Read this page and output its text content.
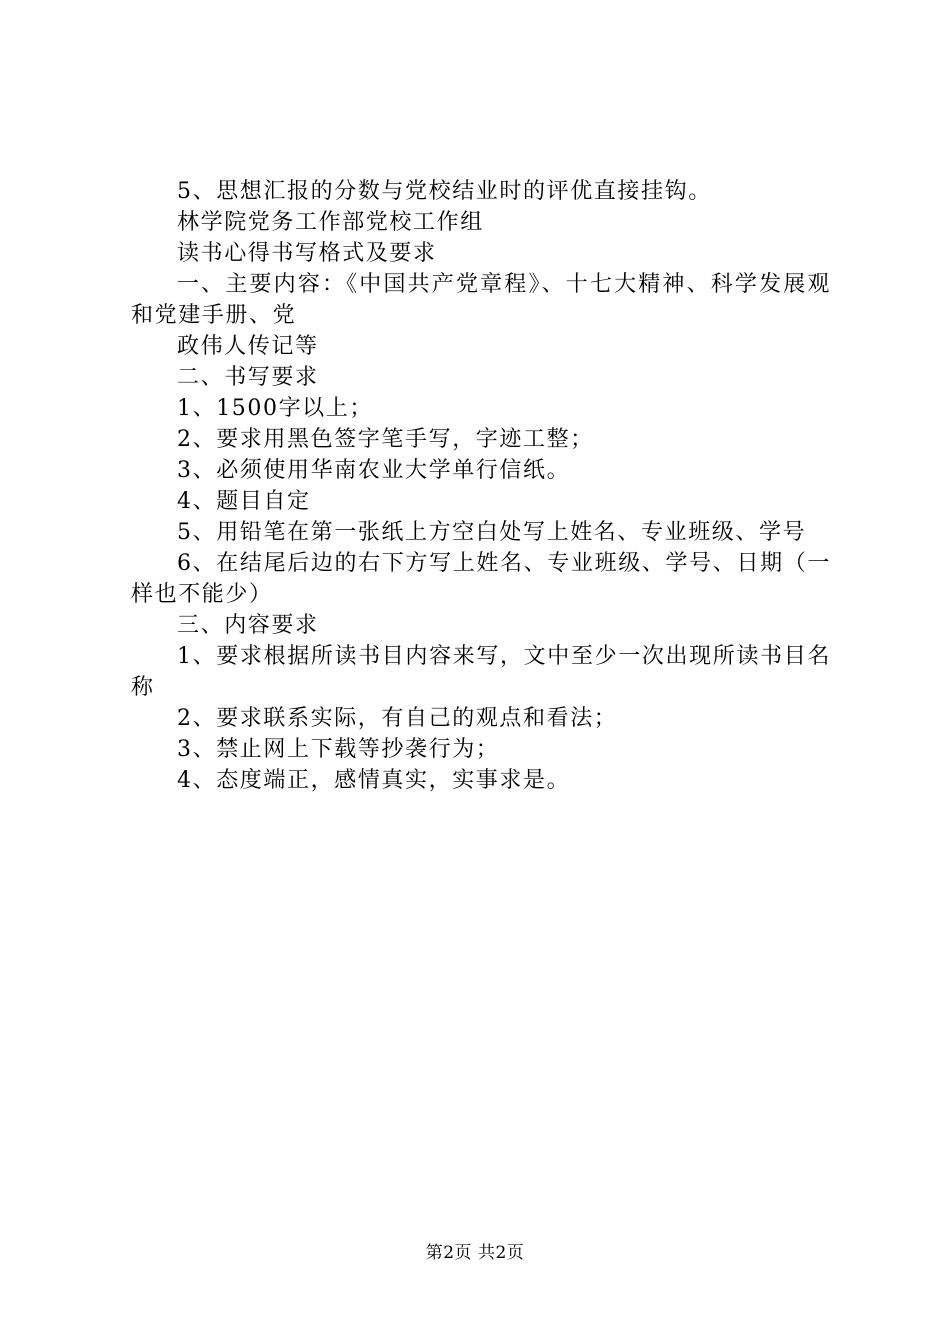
5、思想汇报的分数与党校结业时的评优直接挂钩。

林学院党务工作部党校工作组

读书心得书写格式及要求

一、主要内容：《中国共产党章程》、十七大精神、科学发展观和党建手册、党

政伟人传记等

二、书写要求

1、1500字以上；

2、要求用黑色签字笔手写，字迹工整；

3、必须使用华南农业大学单行信纸。

4、题目自定

5、用铅笔在第一张纸上方空白处写上姓名、专业班级、学号

6、在结尾后边的右下方写上姓名、专业班级、学号、日期（一样也不能少）

三、内容要求

1、要求根据所读书目内容来写，文中至少一次出现所读书目名称

2、要求联系实际，有自己的观点和看法；

3、禁止网上下载等抄袭行为；

4、态度端正，感情真实，实事求是。

第2页 共2页
